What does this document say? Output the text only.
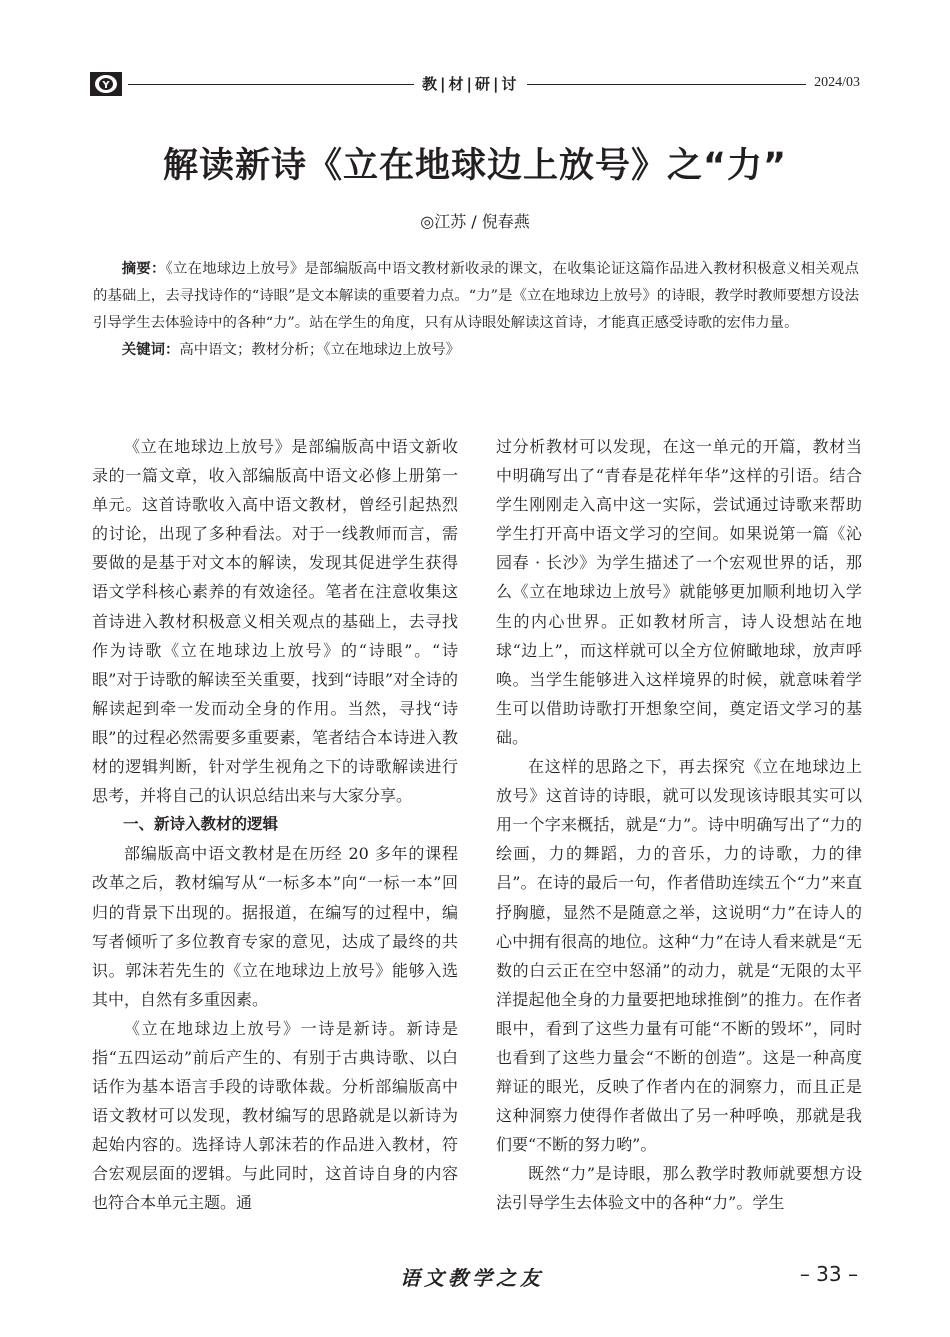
Y	教|材|研|讨	2024/03
解读新诗《立在地球边上放号》之“力”
◎江苏 / 倪春燕

摘要：《立在地球边上放号》是部编版高中语文教材新收录的课文，在收集论证这篇作品进入教材积极意义相关观点的基础上，去寻找诗作的“诗眼”是文本解读的重要着力点。“力”是《立在地球边上放号》的诗眼，教学时教师要想方设法引导学生去体验诗中的各种“力”。站在学生的角度，只有从诗眼处解读这首诗，才能真正感受诗歌的宏伟力量。

关键词：高中语文；教材分析；《立在地球边上放号》

《立在地球边上放号》是部编版高中语文新收录的一篇文章，收入部编版高中语文必修上册第一单元。这首诗歌收入高中语文教材，曾经引起热烈的讨论，出现了多种看法。对于一线教师而言，需要做的是基于对文本的解读，发现其促进学生获得语文学科核心素养的有效途径。笔者在注意收集这首诗进入教材积极意义相关观点的基础上，去寻找作为诗歌《立在地球边上放号》的“诗眼”。“诗眼”对于诗歌的解读至关重要，找到“诗眼”对全诗的解读起到牵一发而动全身的作用。当然，寻找“诗眼”的过程必然需要多重要素，笔者结合本诗进入教材的逻辑判断，针对学生视角之下的诗歌解读进行思考，并将自己的认识总结出来与大家分享。

一、新诗入教材的逻辑

部编版高中语文教材是在历经 20 多年的课程改革之后，教材编写从“一标多本”向“一标一本”回归的背景下出现的。据报道，在编写的过程中，编写者倾听了多位教育专家的意见，达成了最终的共识。郭沫若先生的《立在地球边上放号》能够入选其中，自然有多重因素。

《立在地球边上放号》一诗是新诗。新诗是指“五四运动”前后产生的、有别于古典诗歌、以白话作为基本语言手段的诗歌体裁。分析部编版高中语文教材可以发现，教材编写的思路就是以新诗为起始内容的。选择诗人郭沫若的作品进入教材，符合宏观层面的逻辑。与此同时，这首诗自身的内容也符合本单元主题。通

过分析教材可以发现，在这一单元的开篇，教材当中明确写出了“青春是花样年华”这样的引语。结合学生刚刚走入高中这一实际，尝试通过诗歌来帮助学生打开高中语文学习的空间。如果说第一篇《沁园春 · 长沙》为学生描述了一个宏观世界的话，那么《立在地球边上放号》就能够更加顺利地切入学生的内心世界。正如教材所言，诗人设想站在地球“边上”，而这样就可以全方位俯瞰地球，放声呼唤。当学生能够进入这样境界的时候，就意味着学生可以借助诗歌打开想象空间，奠定语文学习的基础。

在这样的思路之下，再去探究《立在地球边上放号》这首诗的诗眼，就可以发现该诗眼其实可以用一个字来概括，就是“力”。诗中明确写出了“力的绘画，力的舞蹈，力的音乐，力的诗歌，力的律吕”。在诗的最后一句，作者借助连续五个“力”来直抒胸臆，显然不是随意之举，这说明“力”在诗人的心中拥有很高的地位。这种“力”在诗人看来就是“无数的白云正在空中怒涌”的动力，就是“无限的太平洋提起他全身的力量要把地球推倒”的推力。在作者眼中，看到了这些力量有可能“不断的毁坏”，同时也看到了这些力量会“不断的创造”。这是一种高度辩证的眼光，反映了作者内在的洞察力，而且正是这种洞察力使得作者做出了另一种呼唤，那就是我们要“不断的努力哟”。

既然“力”是诗眼，那么教学时教师就要想方设法引导学生去体验文中的各种“力”。学生

语文教学之友	– 33 –
